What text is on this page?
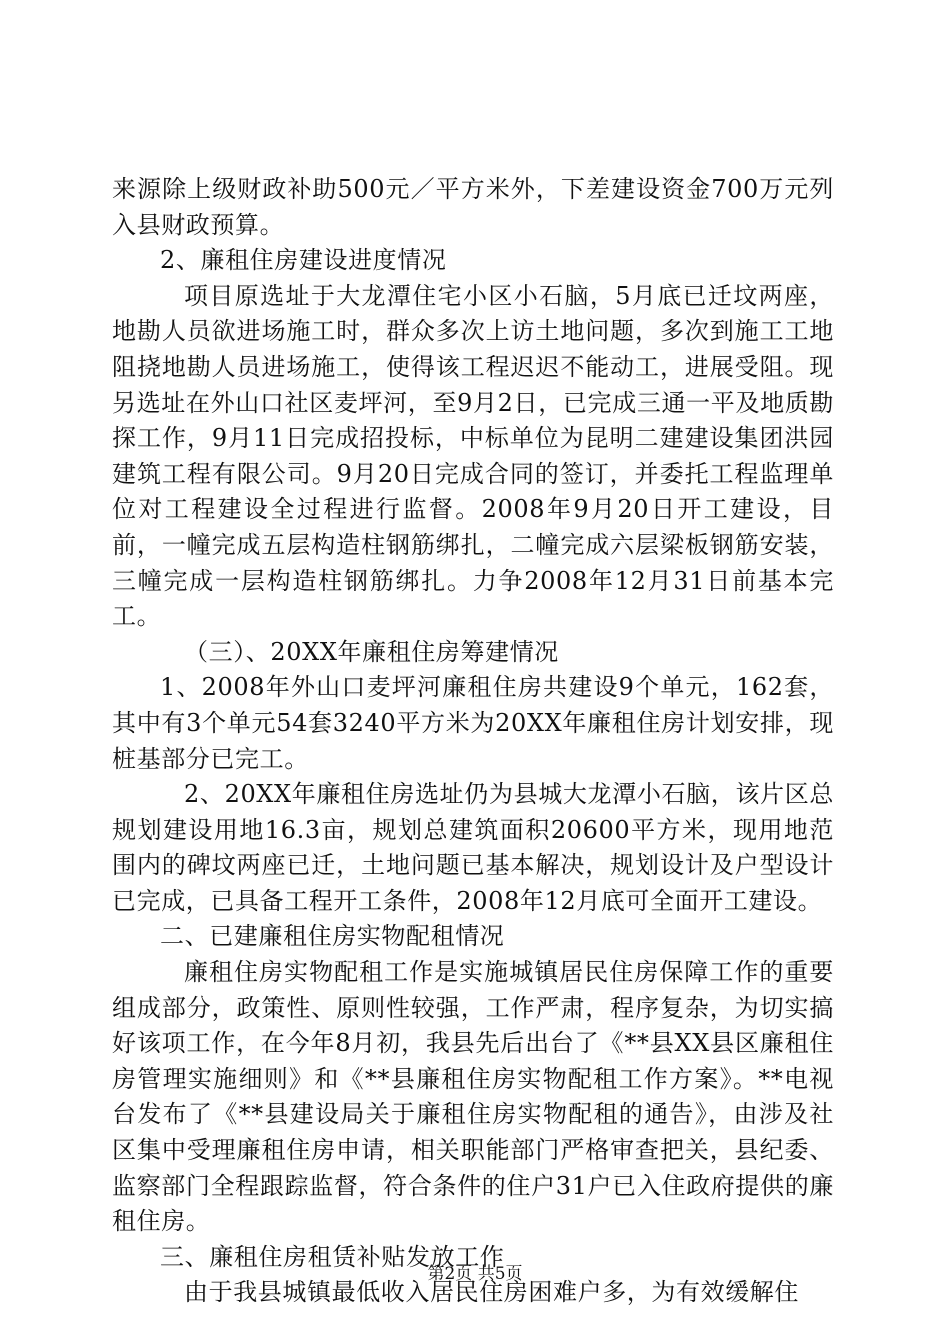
来源除上级财政补助500元／平方米外，下差建设资金700万元列入县财政预算。

2、廉租住房建设进度情况

项目原选址于大龙潭住宅小区小石脑，5月底已迁坟两座，地勘人员欲进场施工时，群众多次上访土地问题，多次到施工工地阻挠地勘人员进场施工，使得该工程迟迟不能动工，进展受阻。现另选址在外山口社区麦坪河，至9月2日，已完成三通一平及地质勘探工作，9月11日完成招投标，中标单位为昆明二建建设集团洪园建筑工程有限公司。9月20日完成合同的签订，并委托工程监理单位对工程建设全过程进行监督。2008年9月20日开工建设，目前，一幢完成五层构造柱钢筋绑扎，二幢完成六层梁板钢筋安装，三幢完成一层构造柱钢筋绑扎。力争2008年12月31日前基本完工。

（三）、20XX年廉租住房筹建情况

1、2008年外山口麦坪河廉租住房共建设9个单元，162套，其中有3个单元54套3240平方米为20XX年廉租住房计划安排，现桩基部分已完工。

2、20XX年廉租住房选址仍为县城大龙潭小石脑，该片区总规划建设用地16.3亩，规划总建筑面积20600平方米，现用地范围内的碑坟两座已迁，土地问题已基本解决，规划设计及户型设计已完成，已具备工程开工条件，2008年12月底可全面开工建设。

二、已建廉租住房实物配租情况

廉租住房实物配租工作是实施城镇居民住房保障工作的重要组成部分，政策性、原则性较强，工作严肃，程序复杂，为切实搞好该项工作，在今年8月初，我县先后出台了《**县XX县区廉租住房管理实施细则》和《**县廉租住房实物配租工作方案》。**电视台发布了《**县建设局关于廉租住房实物配租的通告》，由涉及社区集中受理廉租住房申请，相关职能部门严格审查把关，县纪委、监察部门全程跟踪监督，符合条件的住户31户已入住政府提供的廉租住房。

三、廉租住房租赁补贴发放工作

由于我县城镇最低收入居民住房困难户多，为有效缓解住

第2页 共5页
